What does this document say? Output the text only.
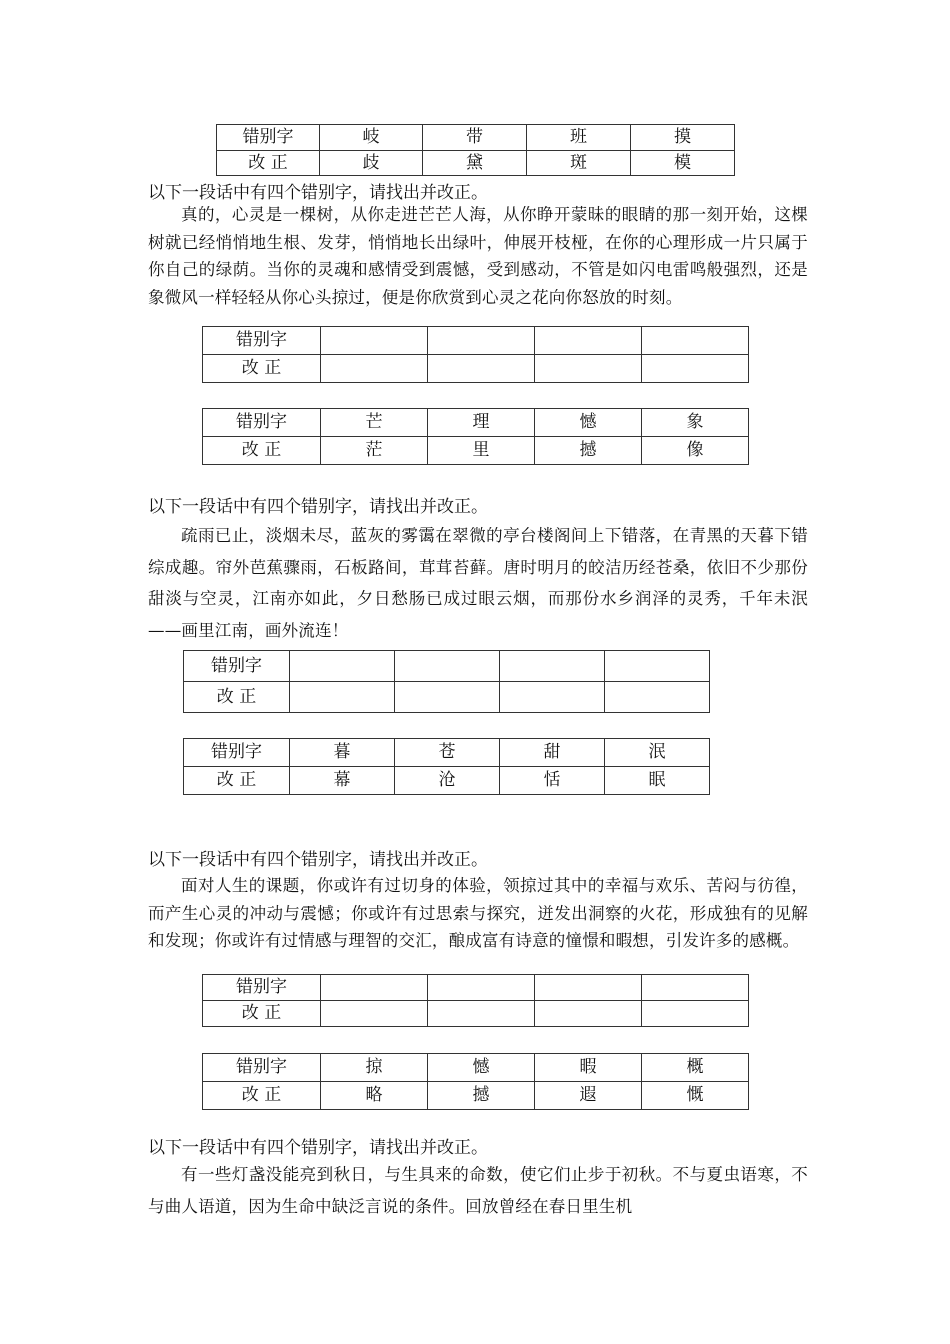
错别字	岐	带	班	摸
改 正	歧	黛	斑	模
以下一段话中有四个错别字，请找出并改正。
真的，心灵是一棵树，从你走进芒芒人海，从你睁开蒙昧的眼睛的那一刻开始，这棵树就已经悄悄地生根、发芽，悄悄地长出绿叶，伸展开枝桠，在你的心理形成一片只属于你自己的绿荫。当你的灵魂和感情受到震憾，受到感动，不管是如闪电雷鸣般强烈，还是象微风一样轻轻从你心头掠过，便是你欣赏到心灵之花向你怒放的时刻。
错别字				
改 正				
错别字	芒	理	憾	象
改 正	茫	里	撼	像
以下一段话中有四个错别字，请找出并改正。
疏雨已止，淡烟未尽，蓝灰的雾霭在翠微的亭台楼阁间上下错落，在青黑的天暮下错综成趣。帘外芭蕉骤雨，石板路间，茸茸苔藓。唐时明月的皎洁历经苍桑，依旧不少那份甜淡与空灵，江南亦如此，夕日愁肠已成过眼云烟，而那份水乡润泽的灵秀，千年未泯——画里江南，画外流连！
错别字				
改 正				
错别字	暮	苍	甜	泯
改 正	幕	沧	恬	眠
以下一段话中有四个错别字，请找出并改正。
面对人生的课题，你或许有过切身的体验，领掠过其中的幸福与欢乐、苦闷与彷徨，而产生心灵的冲动与震憾；你或许有过思索与探究，迸发出洞察的火花，形成独有的见解和发现；你或许有过情感与理智的交汇，酿成富有诗意的憧憬和暇想，引发许多的感概。
错别字				
改 正				
错别字	掠	憾	暇	概
改 正	略	撼	遐	慨
以下一段话中有四个错别字，请找出并改正。
有一些灯盏没能亮到秋日，与生具来的命数，使它们止步于初秋。不与夏虫语寒，不与曲人语道，因为生命中缺泛言说的条件。回放曾经在春日里生机
